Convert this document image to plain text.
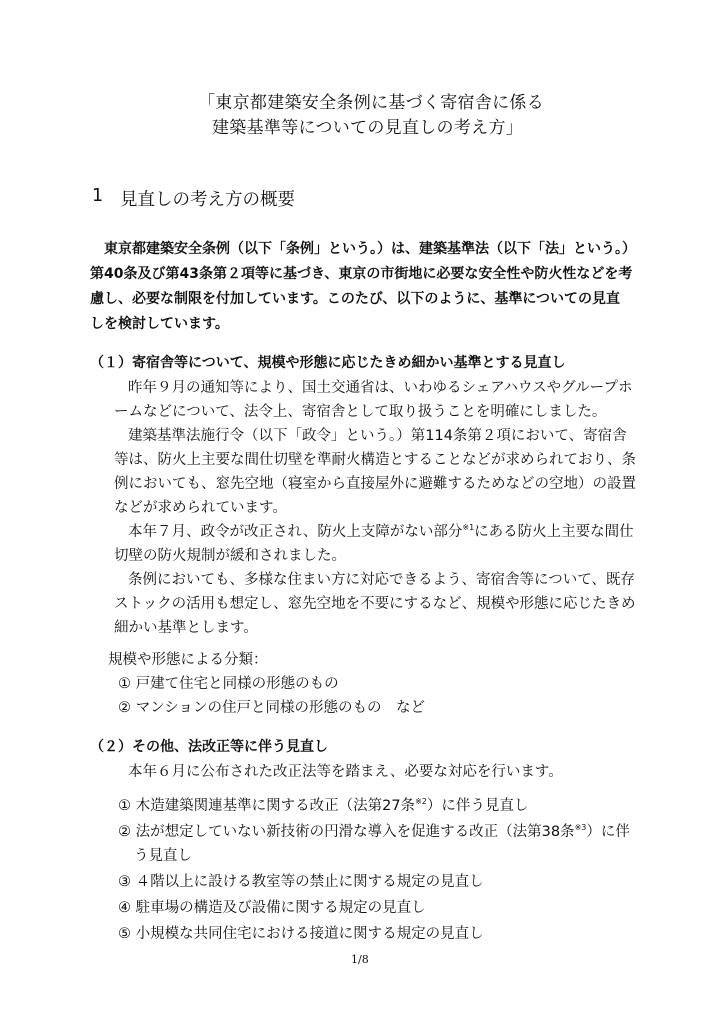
「東京都建築安全条例に基づく寄宿舎に係る
建築基準等についての見直しの考え方」
1 見直しの考え方の概要
東京都建築安全条例（以下「条例」という。）は、建築基準法（以下「法」という。）
第40条及び第43条第２項等に基づき、東京の市街地に必要な安全性や防火性などを考
慮し、必要な制限を付加しています。このたび、以下のように、基準についての見直
しを検討しています。
（１）寄宿舎等について、規模や形態に応じたきめ細かい基準とする見直し
昨年９月の通知等により、国土交通省は、いわゆるシェアハウスやグループホ
ームなどについて、法令上、寄宿舎として取り扱うことを明確にしました。
建築基準法施行令（以下「政令」という。）第114条第２項において、寄宿舎
等は、防火上主要な間仕切壁を準耐火構造とすることなどが求められており、条
例においても、窓先空地（寝室から直接屋外に避難するためなどの空地）の設置
などが求められています。
本年７月、政令が改正され、防火上支障がない部分$^{※1}$にある防火上主要な間仕
切壁の防火規制が緩和されました。
条例においても、多様な住まい方に対応できるよう、寄宿舎等について、既存
ストックの活用も想定し、窓先空地を不要にするなど、規模や形態に応じたきめ
細かい基準とします。
規模や形態による分類：
① 戸建て住宅と同様の形態のもの
② マンションの住戸と同様の形態のもの　など
（２）その他、法改正等に伴う見直し
本年６月に公布された改正法等を踏まえ、必要な対応を行います。
① 木造建築関連基準に関する改正（法第27条$^{※2}$）に伴う見直し
② 法が想定していない新技術の円滑な導入を促進する改正（法第38条$^{※3}$）に伴
う見直し
③ ４階以上に設ける教室等の禁止に関する規定の見直し
④ 駐車場の構造及び設備に関する規定の見直し
⑤ 小規模な共同住宅における接道に関する規定の見直し
1/8
